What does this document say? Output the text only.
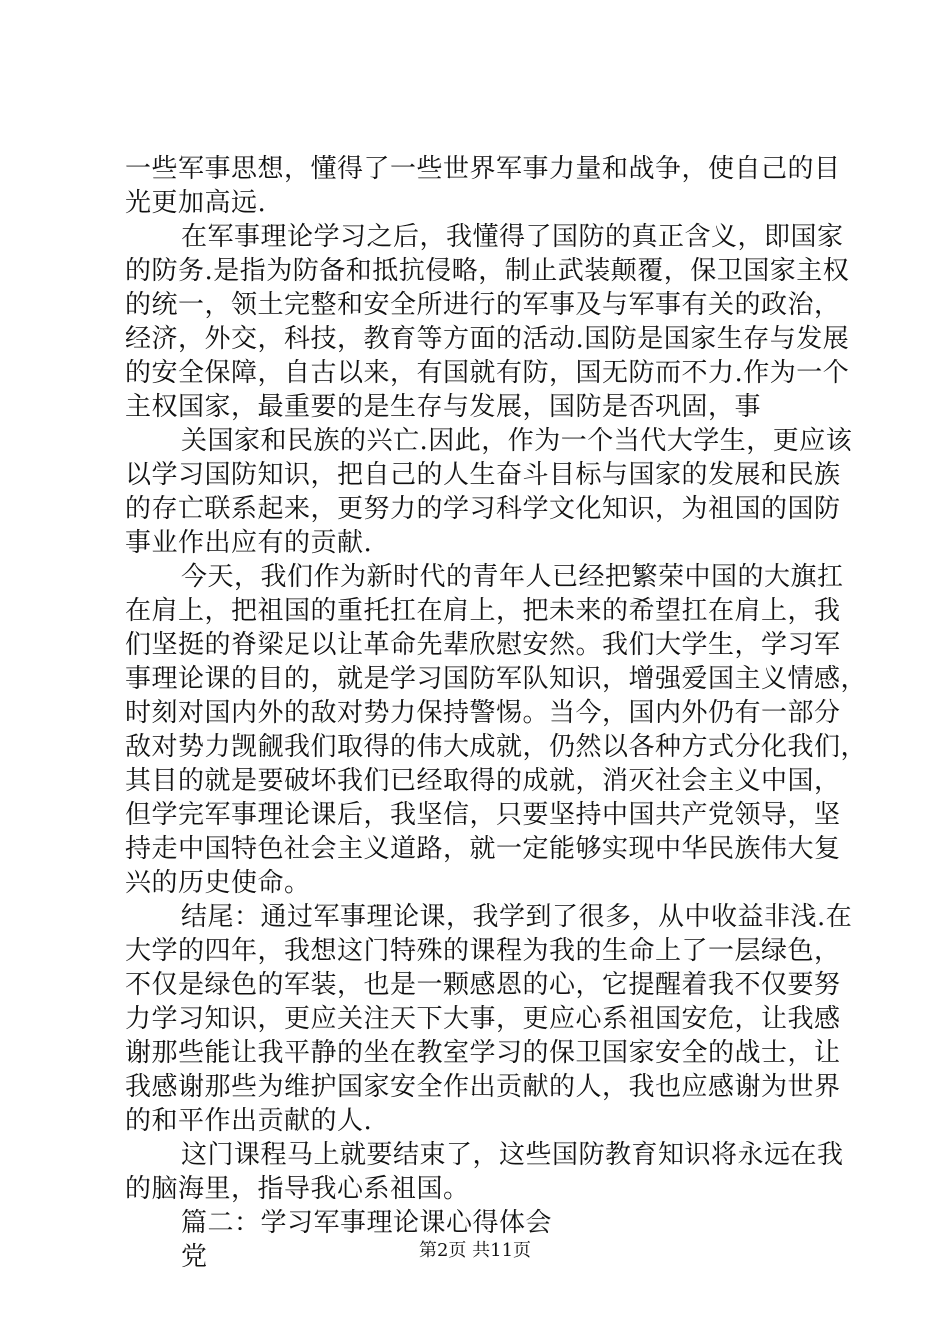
一些军事思想，懂得了一些世界军事力量和战争，使自己的目
光更加高远.
在军事理论学习之后，我懂得了国防的真正含义，即国家
的防务.是指为防备和抵抗侵略，制止武装颠覆，保卫国家主权
的统一，领土完整和安全所进行的军事及与军事有关的政治，
经济，外交，科技，教育等方面的活动.国防是国家生存与发展
的安全保障，自古以来，有国就有防，国无防而不力.作为一个
主权国家，最重要的是生存与发展，国防是否巩固，事
关国家和民族的兴亡.因此，作为一个当代大学生，更应该
以学习国防知识，把自己的人生奋斗目标与国家的发展和民族
的存亡联系起来，更努力的学习科学文化知识，为祖国的国防
事业作出应有的贡献.
今天，我们作为新时代的青年人已经把繁荣中国的大旗扛
在肩上，把祖国的重托扛在肩上，把未来的希望扛在肩上，我
们坚挺的脊梁足以让革命先辈欣慰安然。我们大学生，学习军
事理论课的目的，就是学习国防军队知识，增强爱国主义情感，
时刻对国内外的敌对势力保持警惕。当今，国内外仍有一部分
敌对势力觊觎我们取得的伟大成就，仍然以各种方式分化我们，
其目的就是要破坏我们已经取得的成就，消灭社会主义中国，
但学完军事理论课后，我坚信，只要坚持中国共产党领导，坚
持走中国特色社会主义道路，就一定能够实现中华民族伟大复
兴的历史使命。
结尾：通过军事理论课，我学到了很多，从中收益非浅.在
大学的四年，我想这门特殊的课程为我的生命上了一层绿色，
不仅是绿色的军装，也是一颗感恩的心，它提醒着我不仅要努
力学习知识，更应关注天下大事，更应心系祖国安危，让我感
谢那些能让我平静的坐在教室学习的保卫国家安全的战士，让
我感谢那些为维护国家安全作出贡献的人，我也应感谢为世界
的和平作出贡献的人.
这门课程马上就要结束了，这些国防教育知识将永远在我
的脑海里，指导我心系祖国。
篇二：学习军事理论课心得体会
党	第2页 共11页
